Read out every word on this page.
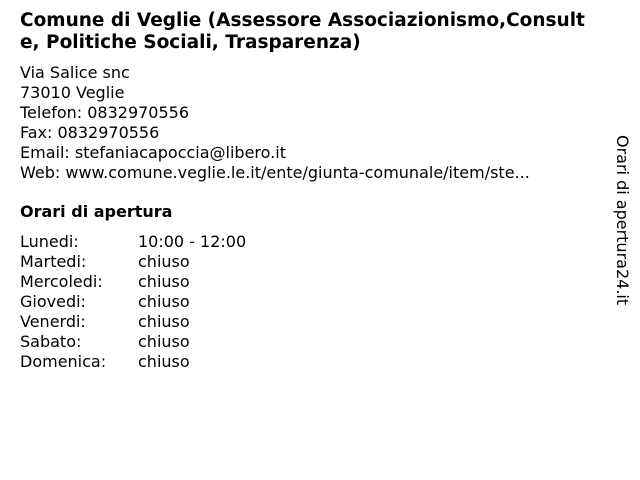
Comune di Veglie (Assessore Associazionismo,Consulte, Politiche Sociali, Trasparenza)
Via Salice snc
73010 Veglie
Telefon: 0832970556
Fax: 0832970556
Email: stefaniacapoccia@libero.it
Web: www.comune.veglie.le.it/ente/giunta-comunale/item/ste...
Orari di apertura
Lunedi:	10:00 - 12:00
Martedi:	chiuso
Mercoledi:	chiuso
Giovedi:	chiuso
Venerdi:	chiuso
Sabato:	chiuso
Domenica:	chiuso
Orari di apertura24.it
